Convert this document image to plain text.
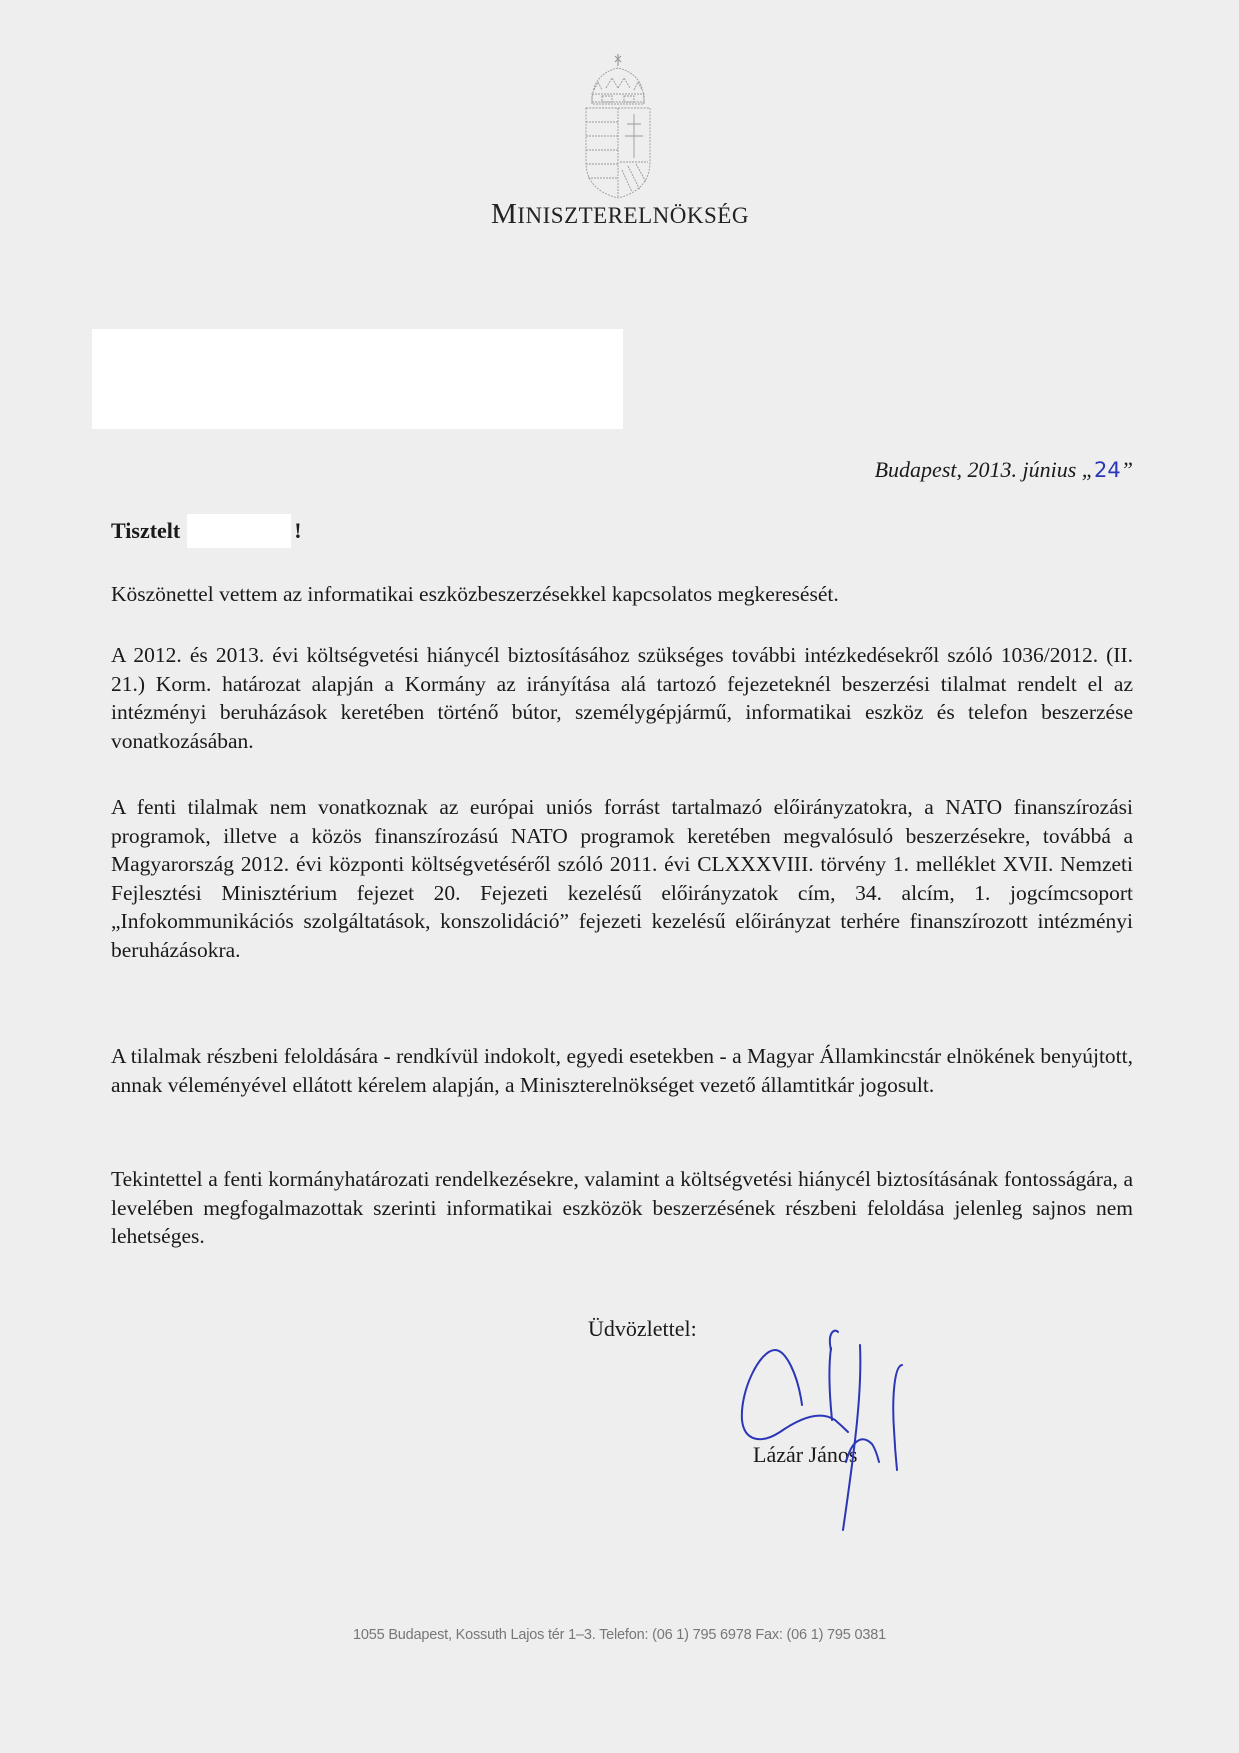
MINISZTERELNÖKSÉG
Budapest, 2013. június „24”
Tisztelt	!
Köszönettel vettem az informatikai eszközbeszerzésekkel kapcsolatos megkeresését.
A 2012. és 2013. évi költségvetési hiánycél biztosításához szükséges további intézkedésekről szóló 1036/2012. (II. 21.) Korm. határozat alapján a Kormány az irányítása alá tartozó fejezeteknél beszerzési tilalmat rendelt el az intézményi beruházások keretében történő bútor, személygépjármű, informatikai eszköz és telefon beszerzése vonatkozásában.
A fenti tilalmak nem vonatkoznak az európai uniós forrást tartalmazó előirányzatokra, a NATO finanszírozási programok, illetve a közös finanszírozású NATO programok keretében megvalósuló beszerzésekre, továbbá a Magyarország 2012. évi központi költségvetéséről szóló 2011. évi CLXXXVIII. törvény 1. melléklet XVII. Nemzeti Fejlesztési Minisztérium fejezet 20. Fejezeti kezelésű előirányzatok cím, 34. alcím, 1. jogcímcsoport „Infokommunikációs szolgáltatások, konszolidáció” fejezeti kezelésű előirányzat terhére finanszírozott intézményi beruházásokra.
A tilalmak részbeni feloldására - rendkívül indokolt, egyedi esetekben - a Magyar Államkincstár elnökének benyújtott, annak véleményével ellátott kérelem alapján, a Miniszterelnökséget vezető államtitkár jogosult.
Tekintettel a fenti kormányhatározati rendelkezésekre, valamint a költségvetési hiánycél biztosításának fontosságára, a levelében megfogalmazottak szerinti informatikai eszközök beszerzésének részbeni feloldása jelenleg sajnos nem lehetséges.
Üdvözlettel:
Lázár János
1055 Budapest, Kossuth Lajos tér 1–3. Telefon: (06 1) 795 6978 Fax: (06 1) 795 0381
